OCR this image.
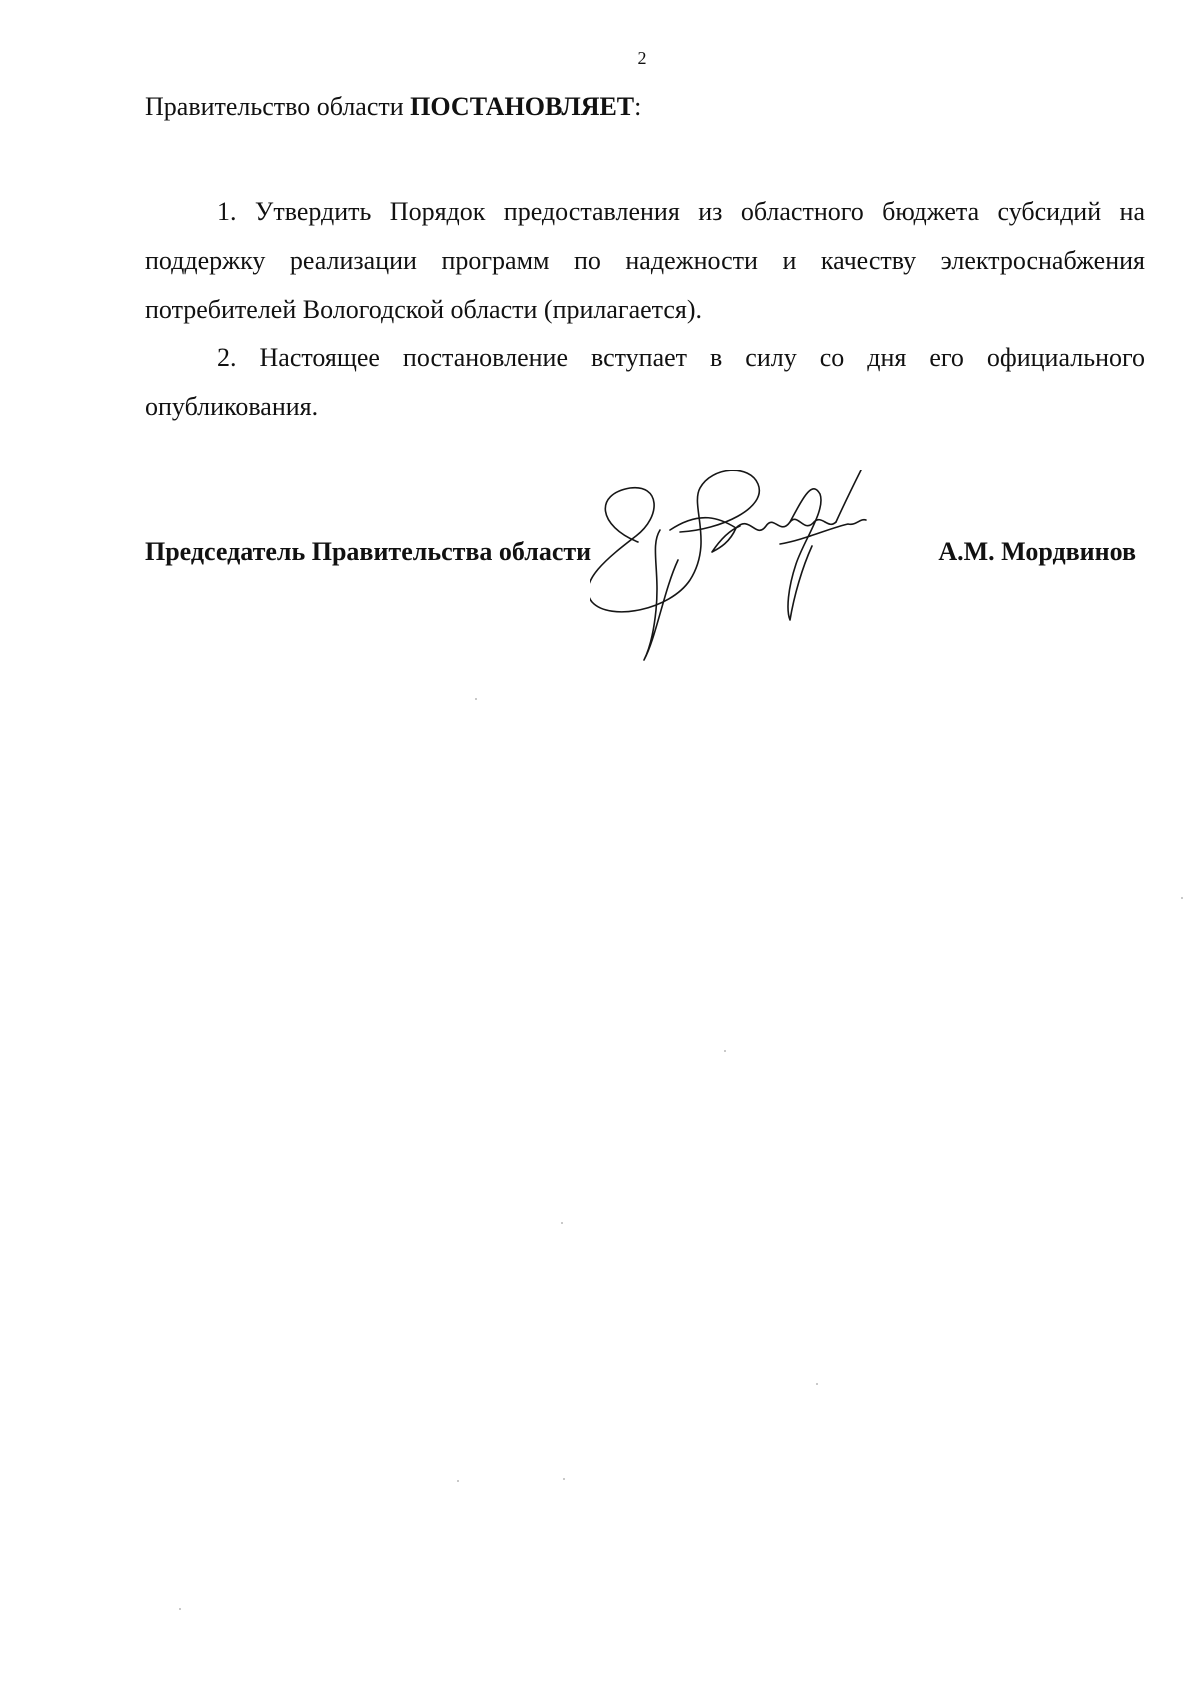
2
Правительство области ПОСТАНОВЛЯЕТ:
1. Утвердить Порядок предоставления из областного бюджета субсидий на поддержку реализации программ по надежности и качеству электроснабжения потребителей Вологодской области (прилагается).
2. Настоящее постановление вступает в силу со дня его официального опубликования.
Председатель Правительства области	А.М. Мордвинов
